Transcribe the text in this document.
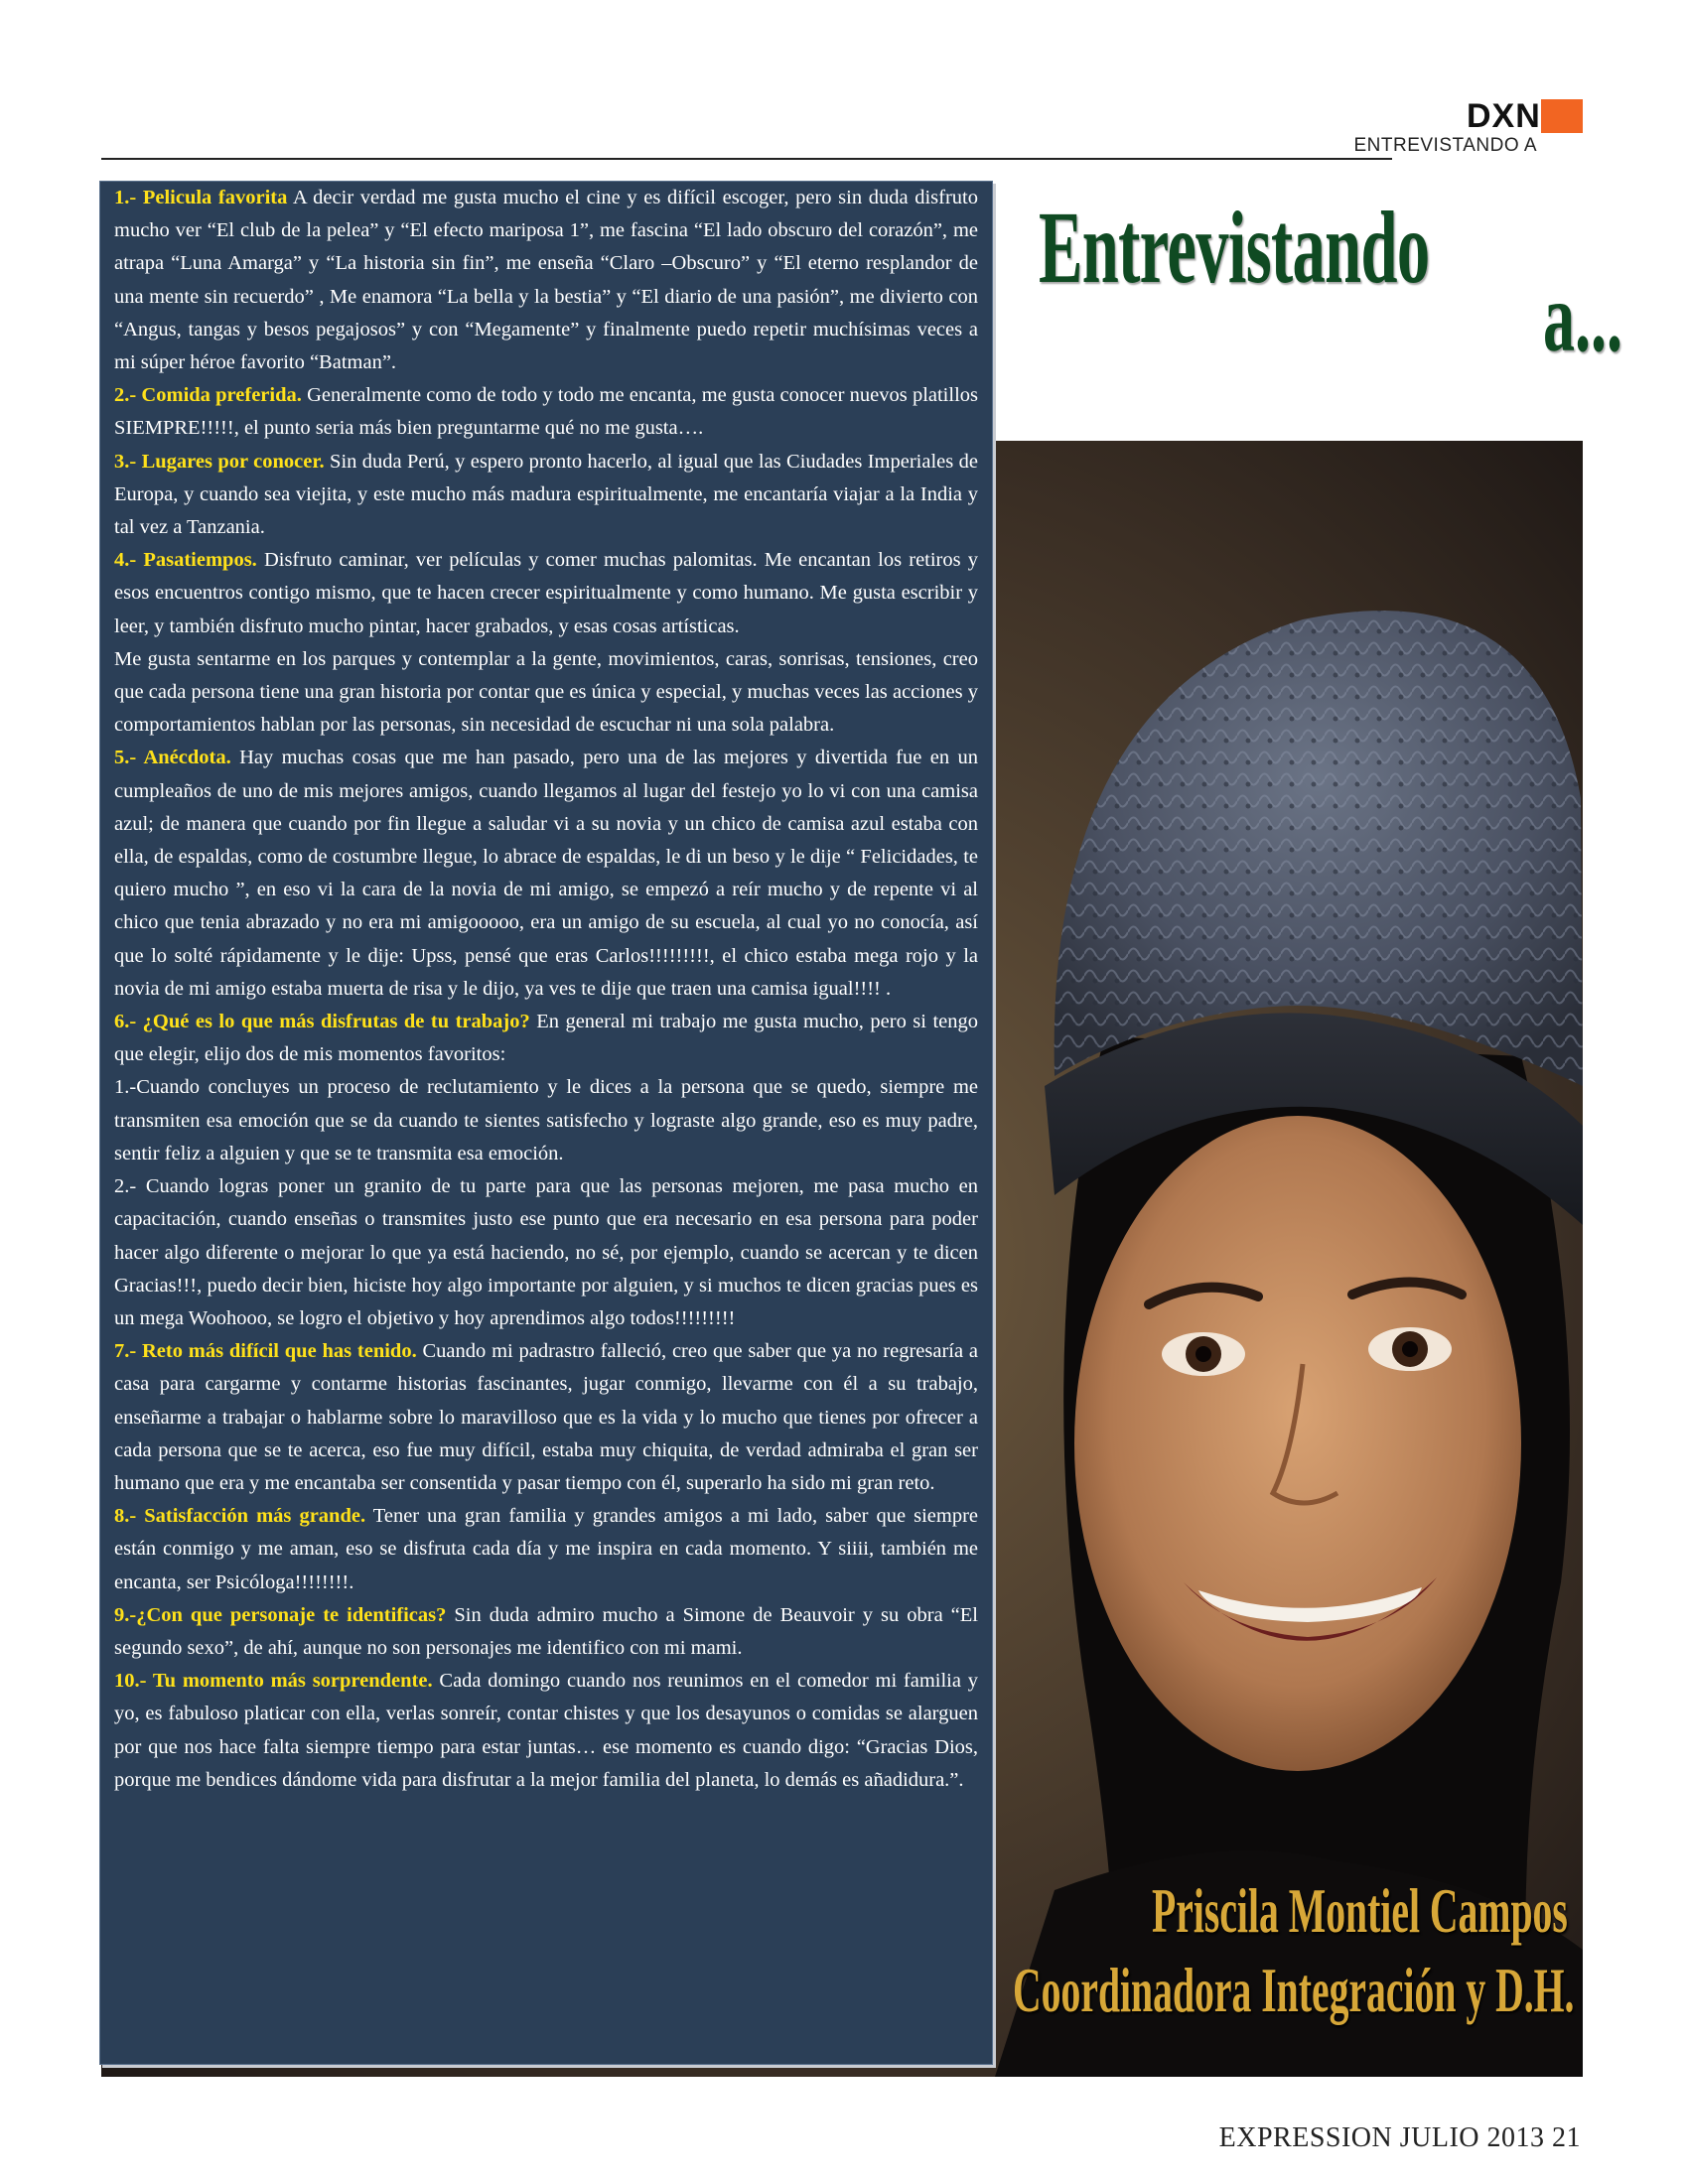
DXN
ENTREVISTANDO A
Entrevistando
a...

1.- Pelicula favorita A decir verdad me gusta mucho el cine y es difícil escoger, pero sin duda disfruto mucho ver “El club de la pelea” y “El efecto mariposa 1”, me fascina “El lado obscuro del corazón”, me atrapa “Luna Amarga” y “La historia sin fin”, me enseña “Claro –Obscuro” y “El eterno resplandor de una mente sin recuerdo” , Me enamora “La bella y la bestia” y “El diario de una pasión”, me divierto con “Angus, tangas y besos pegajosos” y con “Megamente” y finalmente puedo repetir muchísimas veces a mi súper héroe favorito “Batman”.

2.- Comida preferida. Generalmente como de todo y todo me encanta, me gusta conocer nuevos platillos SIEMPRE!!!!!, el punto seria más bien preguntarme qué no me gusta….

3.- Lugares por conocer. Sin duda Perú, y espero pronto hacerlo, al igual que las Ciudades Imperiales de Europa, y cuando sea viejita, y este mucho más madura espiritualmente, me encantaría viajar a la India y tal vez a Tanzania.

4.- Pasatiempos. Disfruto caminar, ver películas y comer muchas palomitas. Me encantan los retiros y esos encuentros contigo mismo, que te hacen crecer espiritualmente y como humano. Me gusta escribir y leer, y también disfruto mucho pintar, hacer grabados, y esas cosas artísticas.

Me gusta sentarme en los parques y contemplar a la gente, movimientos, caras, sonrisas, tensiones, creo que cada persona tiene una gran historia por contar que es única y especial, y muchas veces las acciones y comportamientos hablan por las personas, sin necesidad de escuchar ni una sola palabra.

5.- Anécdota. Hay muchas cosas que me han pasado, pero una de las mejores y divertida fue en un cumpleaños de uno de mis mejores amigos, cuando llegamos al lugar del festejo yo lo vi con una camisa azul; de manera que cuando por fin llegue a saludar vi a su novia y un chico de camisa azul estaba con ella, de espaldas, como de costumbre llegue, lo abrace de espaldas, le di un beso y le dije “ Felicidades, te quiero mucho ”, en eso vi la cara de la novia de mi amigo, se empezó a reír mucho y de repente vi al chico que tenia abrazado y no era mi amigooooo, era un amigo de su escuela, al cual yo no conocía, así que lo solté rápidamente y le dije: Upss, pensé que eras Carlos!!!!!!!!!, el chico estaba mega rojo y la novia de mi amigo estaba muerta de risa y le dijo, ya ves te dije que traen una camisa igual!!!! .

6.- ¿Qué es lo que más disfrutas de tu trabajo? En general mi trabajo me gusta mucho, pero si tengo que elegir, elijo dos de mis momentos favoritos:

1.-Cuando concluyes un proceso de reclutamiento y le dices a la persona que se quedo, siempre me transmiten esa emoción que se da cuando te sientes satisfecho y lograste algo grande, eso es muy padre, sentir feliz a alguien y que se te transmita esa emoción.

2.- Cuando logras poner un granito de tu parte para que las personas mejoren, me pasa mucho en capacitación, cuando enseñas o transmites justo ese punto que era necesario en esa persona para poder hacer algo diferente o mejorar lo que ya está haciendo, no sé, por ejemplo, cuando se acercan y te dicen Gracias!!!, puedo decir bien, hiciste hoy algo importante por alguien, y si muchos te dicen gracias pues es un mega Woohooo, se logro el objetivo y hoy aprendimos algo todos!!!!!!!!!

7.- Reto más difícil que has tenido. Cuando mi padrastro falleció, creo que saber que ya no regresaría a casa para cargarme y contarme historias fascinantes, jugar conmigo, llevarme con él a su trabajo, enseñarme a trabajar o hablarme sobre lo maravilloso que es la vida y lo mucho que tienes por ofrecer a cada persona que se te acerca, eso fue muy difícil, estaba muy chiquita, de verdad admiraba el gran ser humano que era y me encantaba ser consentida y pasar tiempo con él, superarlo ha sido mi gran reto.

8.- Satisfacción más grande. Tener una gran familia y grandes amigos a mi lado, saber que siempre están conmigo y me aman, eso se disfruta cada día y me inspira en cada momento. Y siiii, también me encanta, ser Psicóloga!!!!!!!!.

9.-¿Con que personaje te identificas? Sin duda admiro mucho a Simone de Beauvoir y su obra “El segundo sexo”, de ahí, aunque no son personajes me identifico con mi mami.

10.- Tu momento más sorprendente. Cada domingo cuando nos reunimos en el comedor mi familia y yo, es fabuloso platicar con ella, verlas sonreír, contar chistes y que los desayunos o comidas se alarguen por que nos hace falta siempre tiempo para estar juntas… ese momento es cuando digo: “Gracias Dios, porque me bendices dándome vida para disfrutar a la mejor familia del planeta, lo demás es añadidura.”.

Priscila Montiel Campos
Coordinadora Integración y D.H.
EXPRESSION JULIO 2013 21
